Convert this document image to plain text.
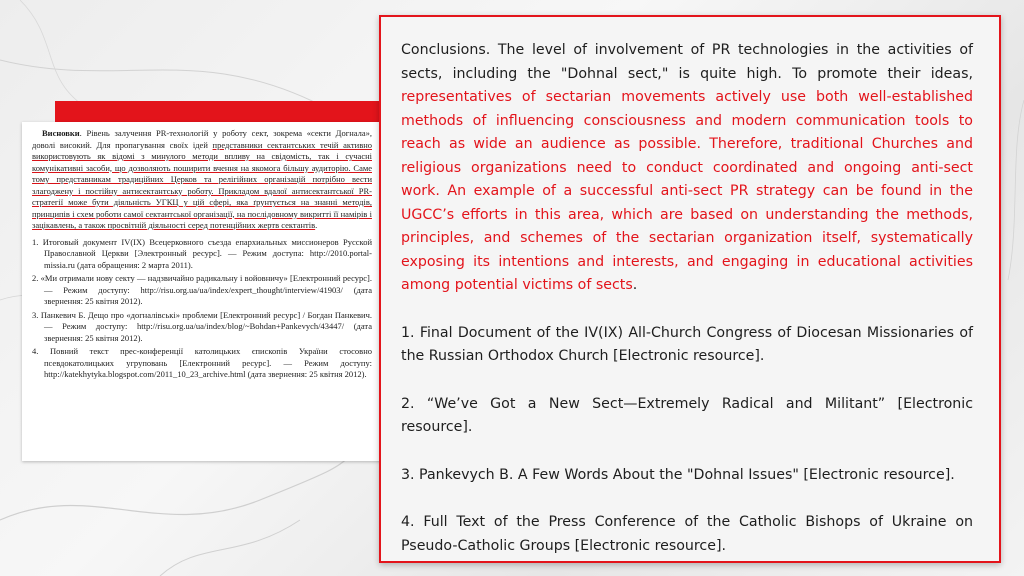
Висновки. Рівень залучення PR-технологій у роботу сект, зокрема «секти Догнала», доволі високий. Для пропагування своїх ідей представники сектантських течій активно використовують як відомі з минулого методи впливу на свідомість, так і сучасні комунікативні засоби, що дозволяють поширити вчення на якомога більшу аудиторію. Саме тому представникам традиційних Церков та релігійних організацій потрібно вести злагоджену і постійну антисектантську роботу. Прикладом вдалої антисектантської PR-стратегії може бути діяльність УГКЦ у цій сфері, яка ґрунтується на знанні методів, принципів і схем роботи самої сектантської організації, на послідовному викритті її намірів і зацікавлень, а також просвітній діяльності серед потенційних жертв сектантів.

1. Итоговый документ IV(IX) Всецерковного съезда епархиальных миссионеров Русской Православной Церкви [Электронный ресурс]. — Режим доступа: http://2010.portal-missia.ru (дата обращения: 2 марта 2011).

2. «Ми отримали нову секту — надзвичайно радикальну і войовничу» [Електронний ресурс]. — Режим доступу: http://risu.org.ua/ua/index/expert_thought/interview/41903/ (дата звернення: 25 квітня 2012).

3. Панкевич Б. Дещо про «догналівські» проблеми [Електронний ресурс] / Богдан Панкевич. — Режим доступу: http://risu.org.ua/ua/index/blog/~Bohdan+Pankevych/43447/ (дата звернення: 25 квітня 2012).

4. Повний текст прес-конференції католицьких єпископів України стосовно псевдокатолицьких угруповань [Електронний ресурс]. — Режим доступу: http://katekhytyka.blogspot.com/2011_10_23_archive.html (дата звернення: 25 квітня 2012).

Conclusions. The level of involvement of PR technologies in the activities of sects, including the "Dohnal sect," is quite high. To promote their ideas, representatives of sectarian movements actively use both well-established methods of influencing consciousness and modern communication tools to reach as wide an audience as possible. Therefore, traditional Churches and religious organizations need to conduct coordinated and ongoing anti-sect work. An example of a successful anti-sect PR strategy can be found in the UGCC’s efforts in this area, which are based on understanding the methods, principles, and schemes of the sectarian organization itself, systematically exposing its intentions and interests, and engaging in educational activities among potential victims of sects.

1. Final Document of the IV(IX) All-Church Congress of Diocesan Missionaries of the Russian Orthodox Church [Electronic resource].

2. “We’ve Got a New Sect—Extremely Radical and Militant” [Electronic resource].

3. Pankevych B. A Few Words About the "Dohnal Issues" [Electronic resource].

4. Full Text of the Press Conference of the Catholic Bishops of Ukraine on Pseudo-Catholic Groups [Electronic resource].
